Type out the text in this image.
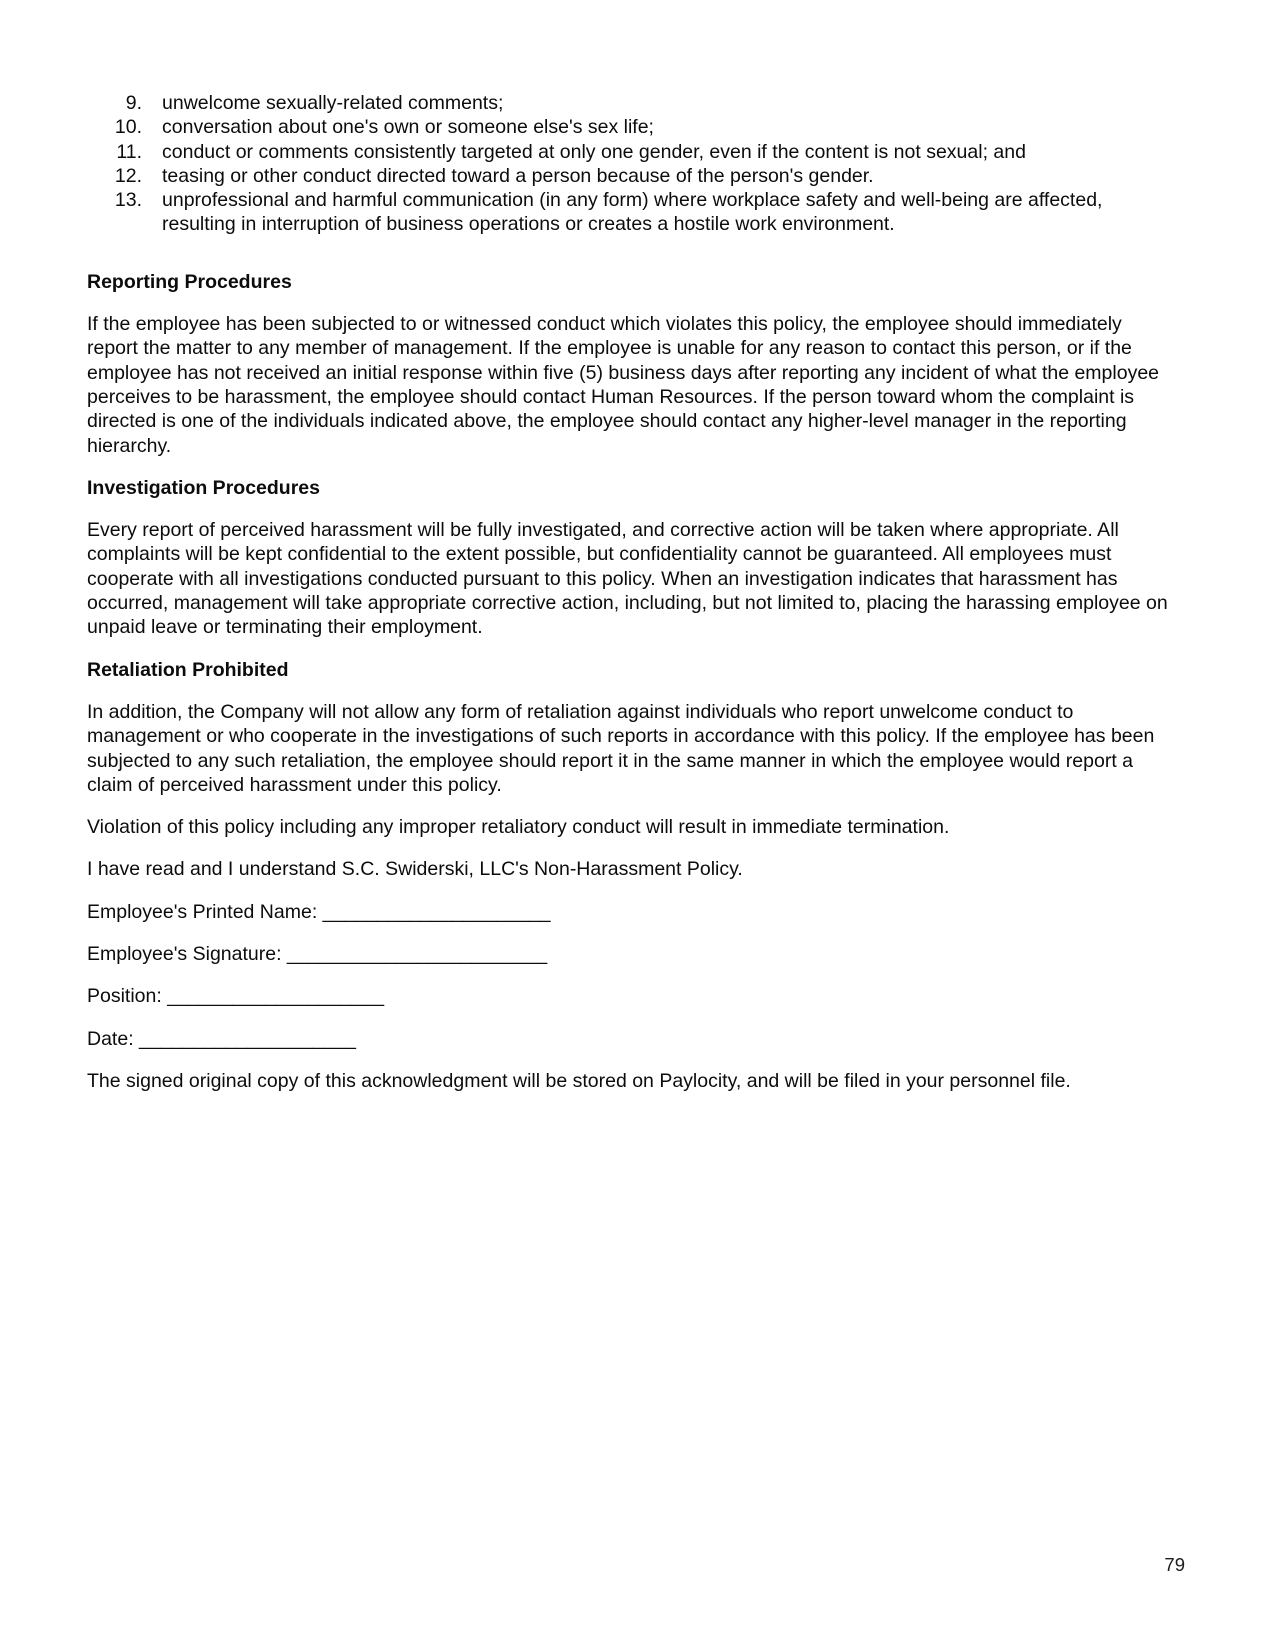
9.	unwelcome sexually-related comments;
10.	conversation about one's own or someone else's sex life;
11.	conduct or comments consistently targeted at only one gender, even if the content is not sexual; and
12.	teasing or other conduct directed toward a person because of the person's gender.
13.	unprofessional and harmful communication (in any form) where workplace safety and well-being are affected, resulting in interruption of business operations or creates a hostile work environment.
Reporting Procedures

If the employee has been subjected to or witnessed conduct which violates this policy, the employee should immediately report the matter to any member of management. If the employee is unable for any reason to contact this person, or if the employee has not received an initial response within five (5) business days after reporting any incident of what the employee perceives to be harassment, the employee should contact Human Resources. If the person toward whom the complaint is directed is one of the individuals indicated above, the employee should contact any higher-level manager in the reporting hierarchy.

Investigation Procedures

Every report of perceived harassment will be fully investigated, and corrective action will be taken where appropriate. All complaints will be kept confidential to the extent possible, but confidentiality cannot be guaranteed. All employees must cooperate with all investigations conducted pursuant to this policy. When an investigation indicates that harassment has occurred, management will take appropriate corrective action, including, but not limited to, placing the harassing employee on unpaid leave or terminating their employment.

Retaliation Prohibited

In addition, the Company will not allow any form of retaliation against individuals who report unwelcome conduct to management or who cooperate in the investigations of such reports in accordance with this policy. If the employee has been subjected to any such retaliation, the employee should report it in the same manner in which the employee would report a claim of perceived harassment under this policy.

Violation of this policy including any improper retaliatory conduct will result in immediate termination.

I have read and I understand S.C. Swiderski, LLC's Non-Harassment Policy.

Employee's Printed Name: _____________________
Employee's Signature: ________________________
Position: ____________________
Date: ____________________

The signed original copy of this acknowledgment will be stored on Paylocity, and will be filed in your personnel file.

79
